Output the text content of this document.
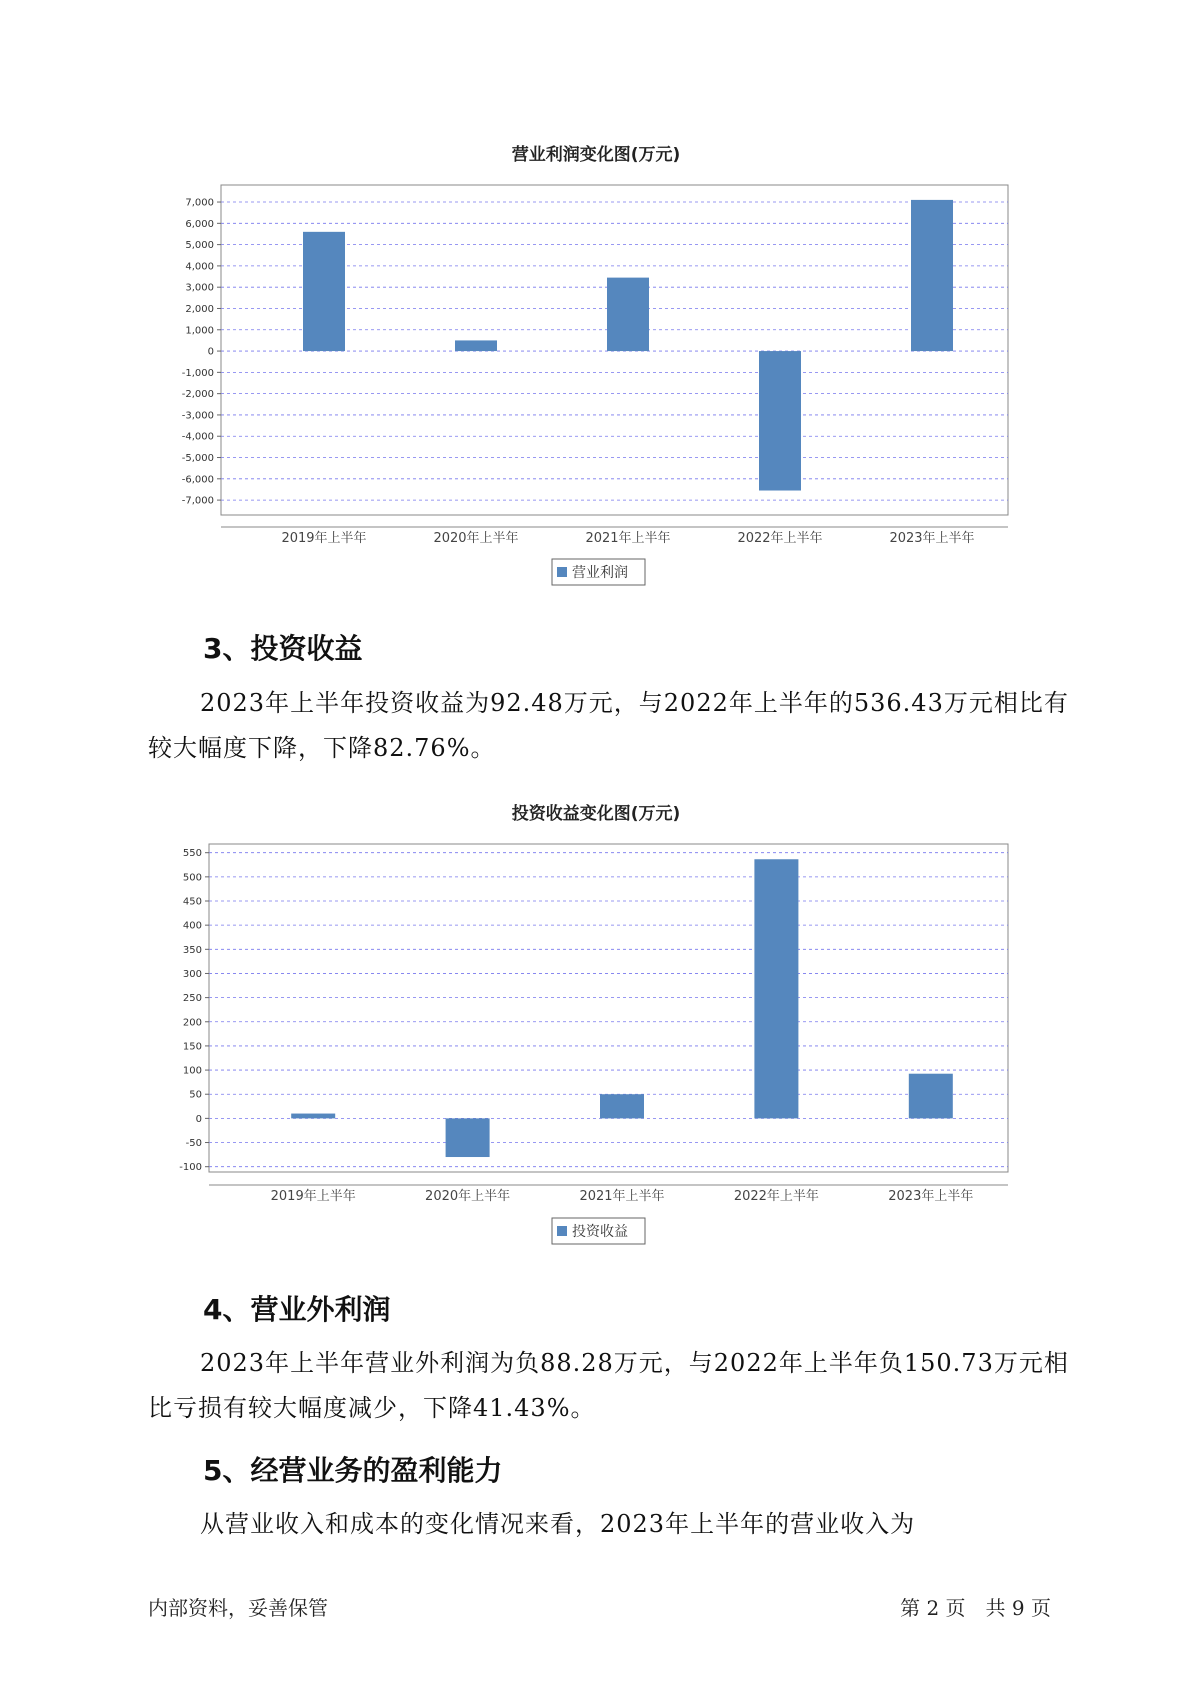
营业利润变化图(万元)
7,000
6,000
5,000
4,000
3,000
2,000
1,000
0
-1,000
-2,000
-3,000
-4,000
-5,000
-6,000
-7,000
2019年上半年	2020年上半年	2021年上半年	2022年上半年	2023年上半年
营业利润
投资收益变化图(万元)
550
500
450
400
350
300
250
200
150
100
50
0
-50
-100
2019年上半年	2020年上半年	2021年上半年	2022年上半年	2023年上半年
投资收益
3、投资收益

2023年上半年投资收益为92.48万元，与2022年上半年的536.43万元相比有较大幅度下降，下降82.76%。

4、营业外利润

2023年上半年营业外利润为负88.28万元，与2022年上半年负150.73万元相比亏损有较大幅度减少，下降41.43%。

5、经营业务的盈利能力

从营业收入和成本的变化情况来看，2023年上半年的营业收入为

内部资料，妥善保管	第 2 页　共 9 页
